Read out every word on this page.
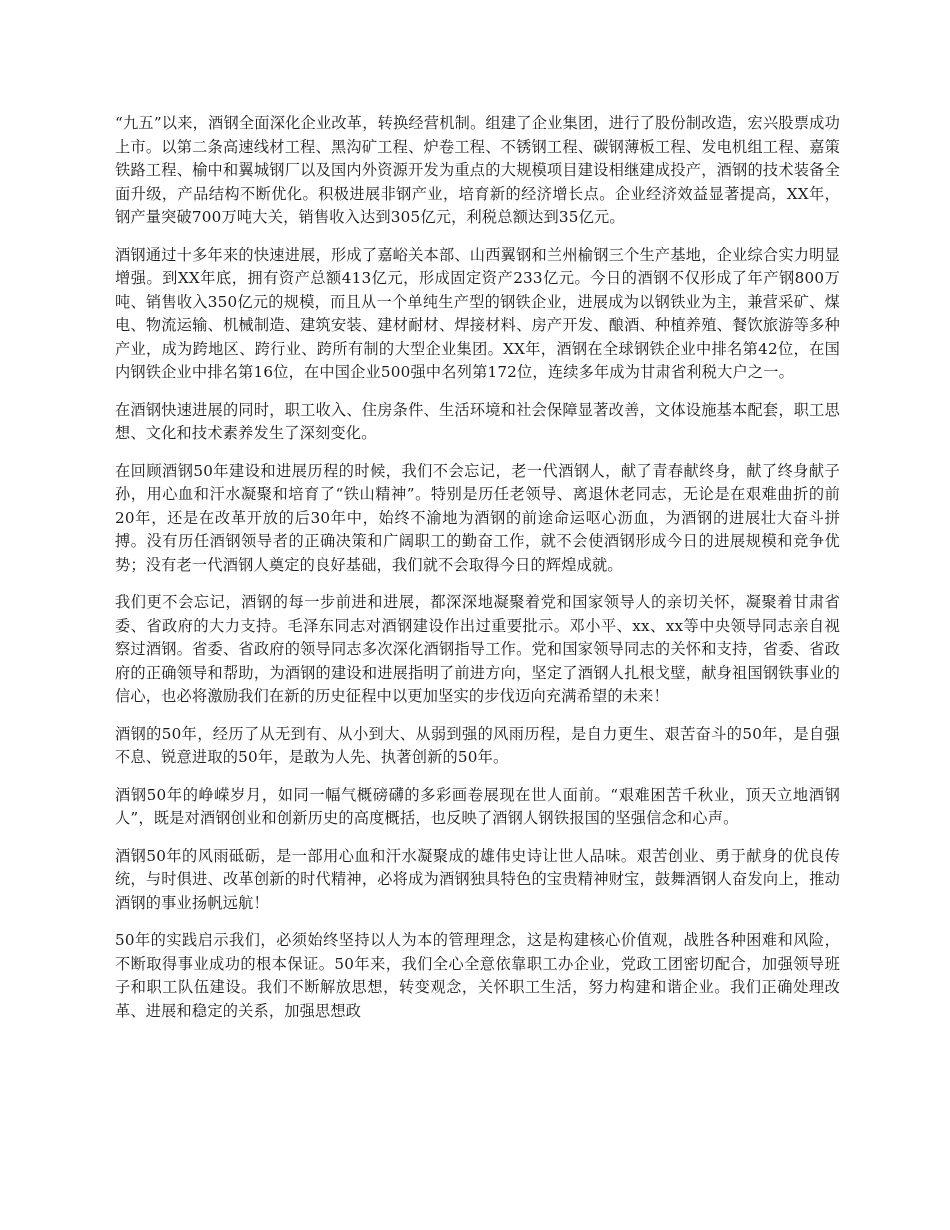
“九五”以来，酒钢全面深化企业改革，转换经营机制。组建了企业集团，进行了股份制改造，宏兴股票成功上市。以第二条高速线材工程、黑沟矿工程、炉卷工程、不锈钢工程、碳钢薄板工程、发电机组工程、嘉策铁路工程、榆中和翼城钢厂以及国内外资源开发为重点的大规模项目建设相继建成投产，酒钢的技术装备全面升级，产品结构不断优化。积极进展非钢产业，培育新的经济增长点。企业经济效益显著提高，XX年，钢产量突破700万吨大关，销售收入达到305亿元，利税总额达到35亿元。

酒钢通过十多年来的快速进展，形成了嘉峪关本部、山西翼钢和兰州榆钢三个生产基地，企业综合实力明显增强。到XX年底，拥有资产总额413亿元，形成固定资产233亿元。今日的酒钢不仅形成了年产钢800万吨、销售收入350亿元的规模，而且从一个单纯生产型的钢铁企业，进展成为以钢铁业为主，兼营采矿、煤电、物流运输、机械制造、建筑安装、建材耐材、焊接材料、房产开发、酿酒、种植养殖、餐饮旅游等多种产业，成为跨地区、跨行业、跨所有制的大型企业集团。XX年，酒钢在全球钢铁企业中排名第42位，在国内钢铁企业中排名第16位，在中国企业500强中名列第172位，连续多年成为甘肃省利税大户之一。

在酒钢快速进展的同时，职工收入、住房条件、生活环境和社会保障显著改善，文体设施基本配套，职工思想、文化和技术素养发生了深刻变化。

在回顾酒钢50年建设和进展历程的时候，我们不会忘记，老一代酒钢人，献了青春献终身，献了终身献子孙，用心血和汗水凝聚和培育了“铁山精神”。特别是历任老领导、离退休老同志，无论是在艰难曲折的前20年，还是在改革开放的后30年中，始终不渝地为酒钢的前途命运呕心沥血，为酒钢的进展壮大奋斗拼搏。没有历任酒钢领导者的正确决策和广阔职工的勤奋工作，就不会使酒钢形成今日的进展规模和竞争优势；没有老一代酒钢人奠定的良好基础，我们就不会取得今日的辉煌成就。

我们更不会忘记，酒钢的每一步前进和进展，都深深地凝聚着党和国家领导人的亲切关怀，凝聚着甘肃省委、省政府的大力支持。毛泽东同志对酒钢建设作出过重要批示。邓小平、xx、xx等中央领导同志亲自视察过酒钢。省委、省政府的领导同志多次深化酒钢指导工作。党和国家领导同志的关怀和支持，省委、省政府的正确领导和帮助，为酒钢的建设和进展指明了前进方向，坚定了酒钢人扎根戈壁，献身祖国钢铁事业的信心，也必将激励我们在新的历史征程中以更加坚实的步伐迈向充满希望的未来！

酒钢的50年，经历了从无到有、从小到大、从弱到强的风雨历程，是自力更生、艰苦奋斗的50年，是自强不息、锐意进取的50年，是敢为人先、执著创新的50年。

酒钢50年的峥嵘岁月，如同一幅气概磅礴的多彩画卷展现在世人面前。“艰难困苦千秋业，顶天立地酒钢人”，既是对酒钢创业和创新历史的高度概括，也反映了酒钢人钢铁报国的坚强信念和心声。

酒钢50年的风雨砥砺，是一部用心血和汗水凝聚成的雄伟史诗让世人品味。艰苦创业、勇于献身的优良传统，与时俱进、改革创新的时代精神，必将成为酒钢独具特色的宝贵精神财宝，鼓舞酒钢人奋发向上，推动酒钢的事业扬帆远航！

50年的实践启示我们，必须始终坚持以人为本的管理理念，这是构建核心价值观，战胜各种困难和风险，不断取得事业成功的根本保证。50年来，我们全心全意依靠职工办企业，党政工团密切配合，加强领导班子和职工队伍建设。我们不断解放思想，转变观念，关怀职工生活，努力构建和谐企业。我们正确处理改革、进展和稳定的关系，加强思想政
